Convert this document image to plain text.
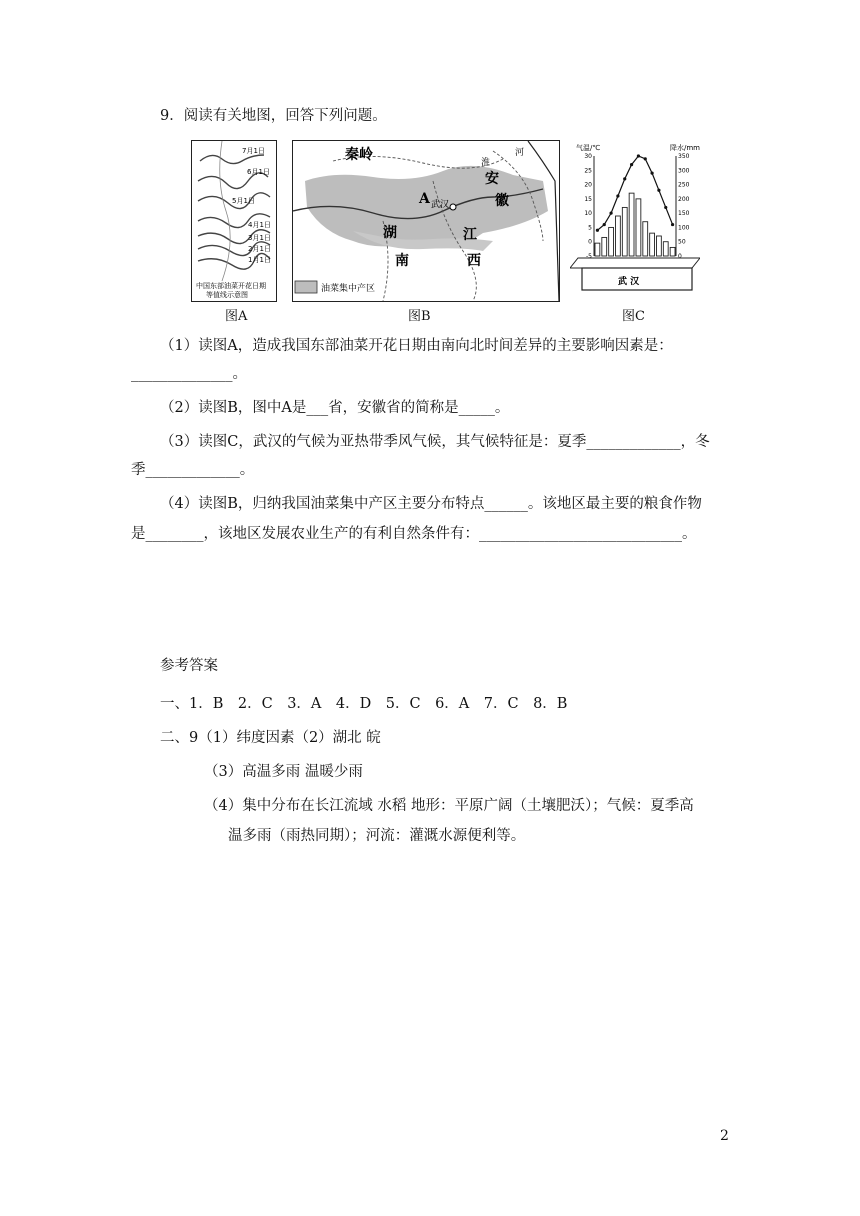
9．阅读有关地图，回答下列问题。
7月1日
6月1日
5月1日
4月1日
3月1日
2月1日
1月1日
中国东部油菜开花日期
等值线示意图
图A
秦岭	淮
河
安
徽
A 武汉
湖
南
江
西
油菜集中产区
图B
气温/℃	降水/mm
武 汉
30
25
20
15
10
5
0
-5
350
300
250
200
150
100
50
0
图C
（1）读图A，造成我国东部油菜开花日期由南向北时间差异的主要影响因素是：
______________。
（2）读图B，图中A是___省，安徽省的简称是_____。
（3）读图C，武汉的气候为亚热带季风气候，其气候特征是：夏季_____________，冬
季_____________。
（4）读图B，归纳我国油菜集中产区主要分布特点______。该地区最主要的粮食作物
是________，该地区发展农业生产的有利自然条件有：____________________________。
参考答案
一、1．B　2．C　3．A　4．D　5．C　6．A　7．C　8．B
二、9（1）纬度因素（2）湖北 皖
（3）高温多雨 温暖少雨
（4）集中分布在长江流域 水稻 地形：平原广阔（土壤肥沃）；气候：夏季高
温多雨（雨热同期）；河流：灌溉水源便利等。
2
